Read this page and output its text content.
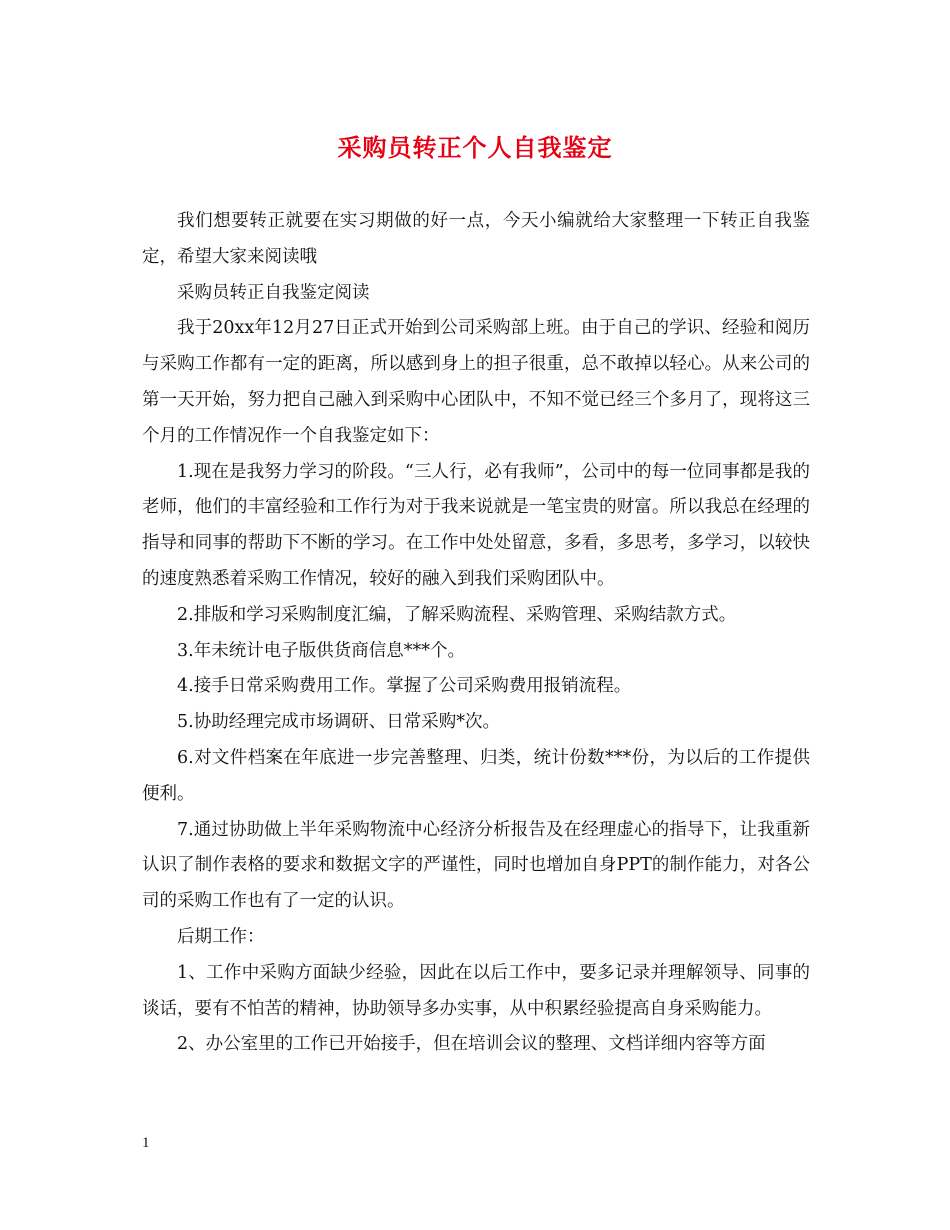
采购员转正个人自我鉴定

我们想要转正就要在实习期做的好一点，今天小编就给大家整理一下转正自我鉴定，希望大家来阅读哦

采购员转正自我鉴定阅读

我于20xx年12月27日正式开始到公司采购部上班。由于自己的学识、经验和阅历与采购工作都有一定的距离，所以感到身上的担子很重，总不敢掉以轻心。从来公司的第一天开始，努力把自己融入到采购中心团队中，不知不觉已经三个多月了，现将这三个月的工作情况作一个自我鉴定如下：

1.现在是我努力学习的阶段。“三人行，必有我师”，公司中的每一位同事都是我的老师，他们的丰富经验和工作行为对于我来说就是一笔宝贵的财富。所以我总在经理的指导和同事的帮助下不断的学习。在工作中处处留意，多看，多思考，多学习，以较快的速度熟悉着采购工作情况，较好的融入到我们采购团队中。

2.排版和学习采购制度汇编，了解采购流程、采购管理、采购结款方式。

3.年未统计电子版供货商信息***个。

4.接手日常采购费用工作。掌握了公司采购费用报销流程。

5.协助经理完成市场调研、日常采购*次。

6.对文件档案在年底进一步完善整理、归类，统计份数***份，为以后的工作提供便利。

7.通过协助做上半年采购物流中心经济分析报告及在经理虚心的指导下，让我重新认识了制作表格的要求和数据文字的严谨性，同时也增加自身PPT的制作能力，对各公司的采购工作也有了一定的认识。

后期工作：

1、工作中采购方面缺少经验，因此在以后工作中，要多记录并理解领导、同事的谈话，要有不怕苦的精神，协助领导多办实事，从中积累经验提高自身采购能力。

2、办公室里的工作已开始接手，但在培训会议的整理、文档详细内容等方面

1
